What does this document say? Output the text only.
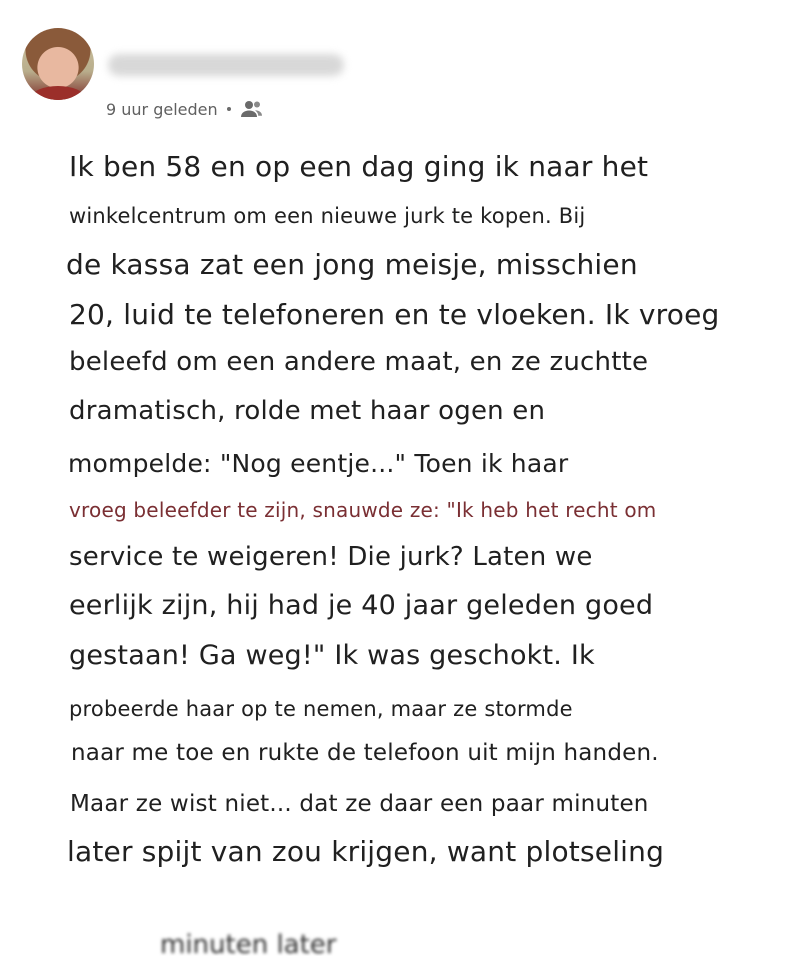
9 uur geleden
Ik ben 58 en op een dag ging ik naar het
winkelcentrum om een nieuwe jurk te kopen. Bij
de kassa zat een jong meisje, misschien
20, luid te telefoneren en te vloeken. Ik vroeg
beleefd om een andere maat, en ze zuchtte
dramatisch, rolde met haar ogen en
mompelde: "Nog eentje..." Toen ik haar
vroeg beleefder te zijn, snauwde ze: "Ik heb het recht om
service te weigeren! Die jurk? Laten we
eerlijk zijn, hij had je 40 jaar geleden goed
gestaan! Ga weg!" Ik was geschokt. Ik
probeerde haar op te nemen, maar ze stormde
naar me toe en rukte de telefoon uit mijn handen.
Maar ze wist niet... dat ze daar een paar minuten
later spijt van zou krijgen, want plotseling
minuten later
